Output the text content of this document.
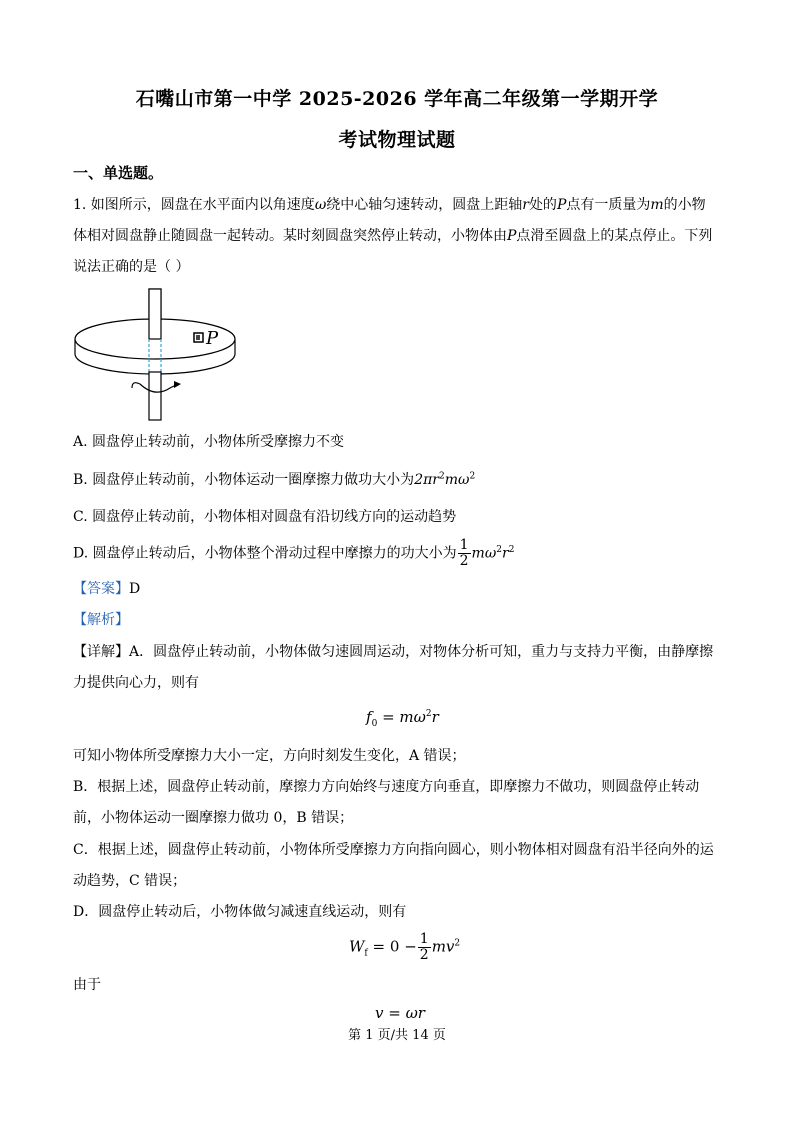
石嘴山市第一中学 2025-2026 学年高二年级第一学期开学
考试物理试题
一、单选题。
1. 如图所示，圆盘在水平面内以角速度ω绕中心轴匀速转动，圆盘上距轴r处的P点有一质量为m的小物
体相对圆盘静止随圆盘一起转动。某时刻圆盘突然停止转动，小物体由P点滑至圆盘上的某点停止。下列
说法正确的是（ ）
P
A. 圆盘停止转动前，小物体所受摩擦力不变
B. 圆盘停止转动前，小物体运动一圈摩擦力做功大小为$2\pi r^2m\omega^2$
C. 圆盘停止转动前，小物体相对圆盘有沿切线方向的运动趋势
D. 圆盘停止转动后，小物体整个滑动过程中摩擦力的功大小为 $\frac{1}{2} m\omega^2r^2$
【答案】D
【解析】
【详解】A．圆盘停止转动前，小物体做匀速圆周运动，对物体分析可知，重力与支持力平衡，由静摩擦
力提供向心力，则有
$f_0 = m\omega^2r$
可知小物体所受摩擦力大小一定，方向时刻发生变化，A 错误；
B．根据上述，圆盘停止转动前，摩擦力方向始终与速度方向垂直，即摩擦力不做功，则圆盘停止转动
前，小物体运动一圈摩擦力做功 0，B 错误；
C．根据上述，圆盘停止转动前，小物体所受摩擦力方向指向圆心，则小物体相对圆盘有沿半径向外的运
动趋势，C 错误；
D．圆盘停止转动后，小物体做匀减速直线运动，则有
$W_f = 0 - \frac{1}{2} mv^2$
由于
v = ωr
第 1 页/共 14 页
